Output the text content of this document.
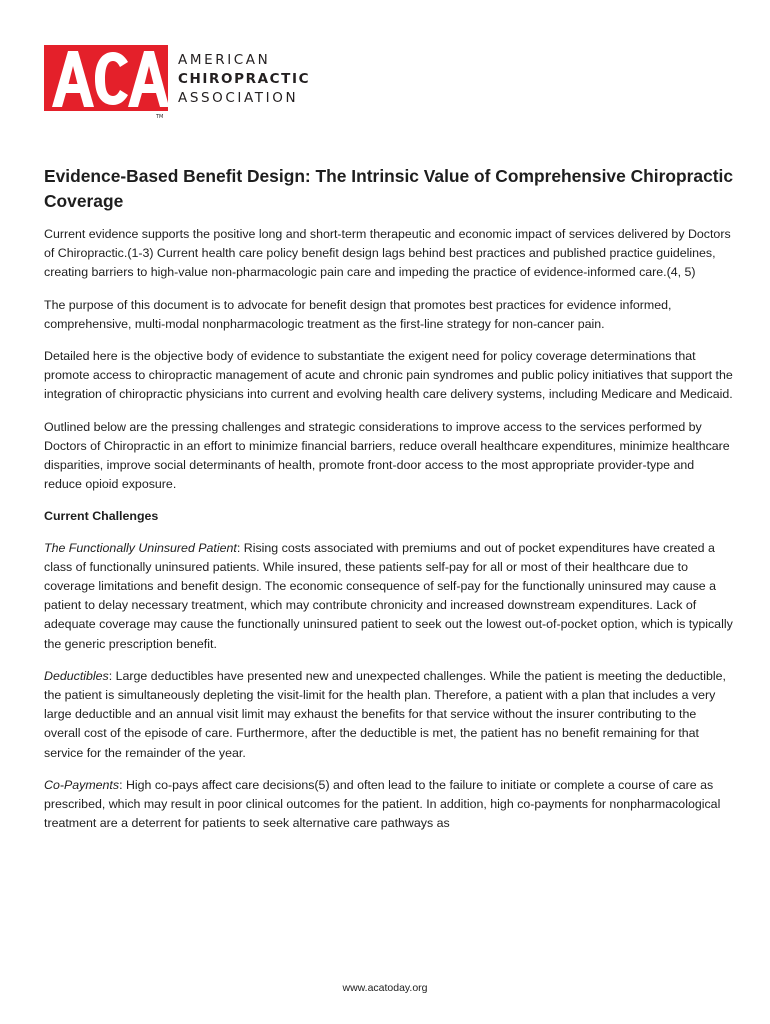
AMERICAN
CHIROPRACTIC
ASSOCIATION
TM
Evidence-Based Benefit Design: The Intrinsic Value of Comprehensive Chiropractic Coverage

Current evidence supports the positive long and short-term therapeutic and economic impact of services delivered by Doctors of Chiropractic.(1-3) Current health care policy benefit design lags behind best practices and published practice guidelines, creating barriers to high-value non-pharmacologic pain care and impeding the practice of evidence-informed care.(4, 5)

The purpose of this document is to advocate for benefit design that promotes best practices for evidence informed, comprehensive, multi-modal nonpharmacologic treatment as the first-line strategy for non-cancer pain.

Detailed here is the objective body of evidence to substantiate the exigent need for policy coverage determinations that promote access to chiropractic management of acute and chronic pain syndromes and public policy initiatives that support the integration of chiropractic physicians into current and evolving health care delivery systems, including Medicare and Medicaid.

Outlined below are the pressing challenges and strategic considerations to improve access to the services performed by Doctors of Chiropractic in an effort to minimize financial barriers, reduce overall healthcare expenditures, minimize healthcare disparities, improve social determinants of health, promote front-door access to the most appropriate provider-type and reduce opioid exposure.

Current Challenges

The Functionally Uninsured Patient: Rising costs associated with premiums and out of pocket expenditures have created a class of functionally uninsured patients. While insured, these patients self-pay for all or most of their healthcare due to coverage limitations and benefit design. The economic consequence of self-pay for the functionally uninsured may cause a patient to delay necessary treatment, which may contribute chronicity and increased downstream expenditures. Lack of adequate coverage may cause the functionally uninsured patient to seek out the lowest out-of-pocket option, which is typically the generic prescription benefit.

Deductibles: Large deductibles have presented new and unexpected challenges. While the patient is meeting the deductible, the patient is simultaneously depleting the visit-limit for the health plan. Therefore, a patient with a plan that includes a very large deductible and an annual visit limit may exhaust the benefits for that service without the insurer contributing to the overall cost of the episode of care. Furthermore, after the deductible is met, the patient has no benefit remaining for that service for the remainder of the year.

Co-Payments: High co-pays affect care decisions(5) and often lead to the failure to initiate or complete a course of care as prescribed, which may result in poor clinical outcomes for the patient. In addition, high co-payments for nonpharmacological treatment are a deterrent for patients to seek alternative care pathways as

www.acatoday.org
